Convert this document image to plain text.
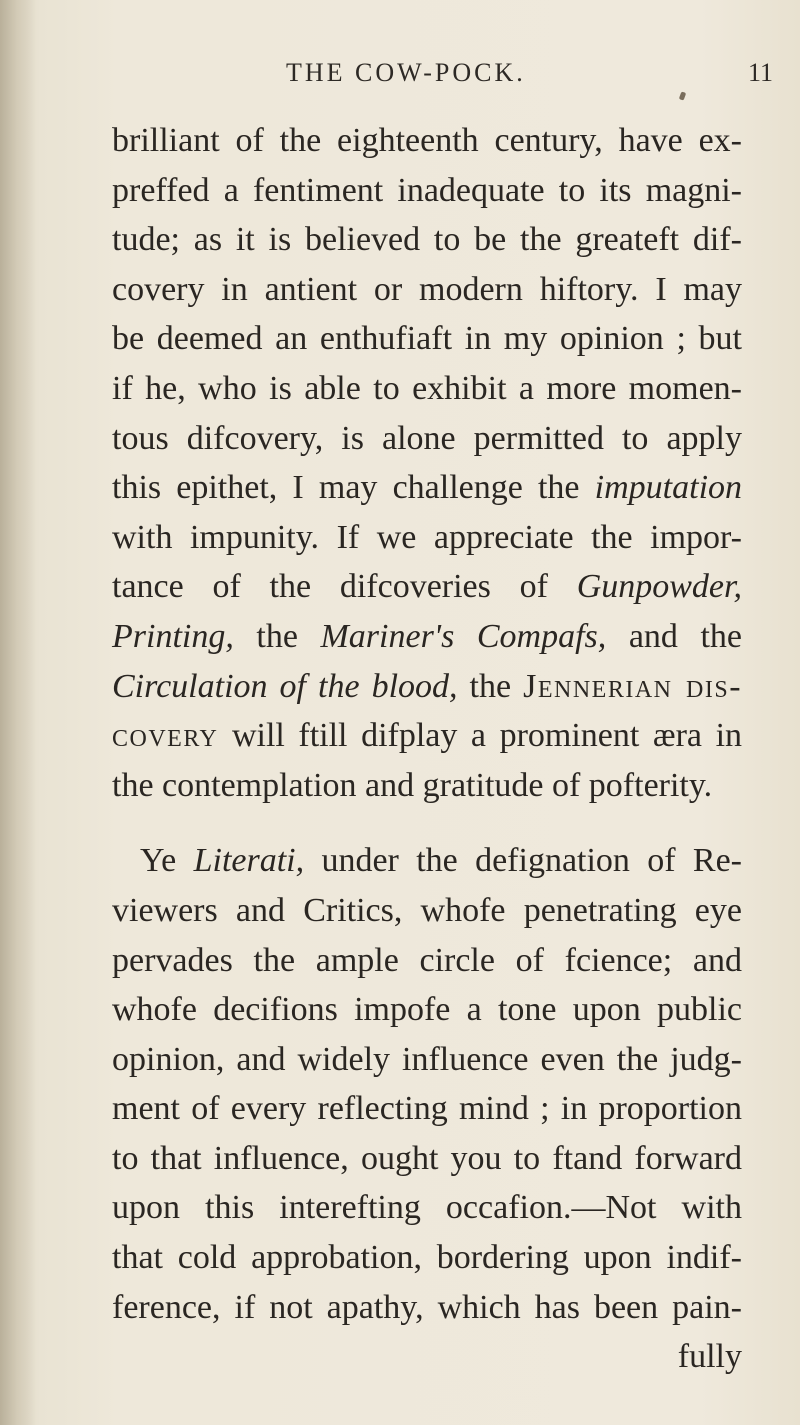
THE COW-POCK.	11
brilliant of the eighteenth century, have ex-
preffed a fentiment inadequate to its magni-
tude; as it is believed to be the greateft dif-
covery in antient or modern hiftory. I may
be deemed an enthufiaft in my opinion ; but
if he, who is able to exhibit a more momen-
tous difcovery, is alone permitted to apply
this epithet, I may challenge the imputation
with impunity. If we appreciate the impor-
tance of the difcoveries of Gunpowder,
Printing, the Mariner's Compafs, and the
Circulation of the blood, the Jennerian dis-
covery will ftill difplay a prominent æra in
the contemplation and gratitude of pofterity.
Ye Literati, under the defignation of Re-
viewers and Critics, whofe penetrating eye
pervades the ample circle of fcience; and
whofe decifions impofe a tone upon public
opinion, and widely influence even the judg-
ment of every reflecting mind ; in proportion
to that influence, ought you to ftand forward
upon this interefting occafion.—Not with
that cold approbation, bordering upon indif-
ference, if not apathy, which has been pain-
fully
